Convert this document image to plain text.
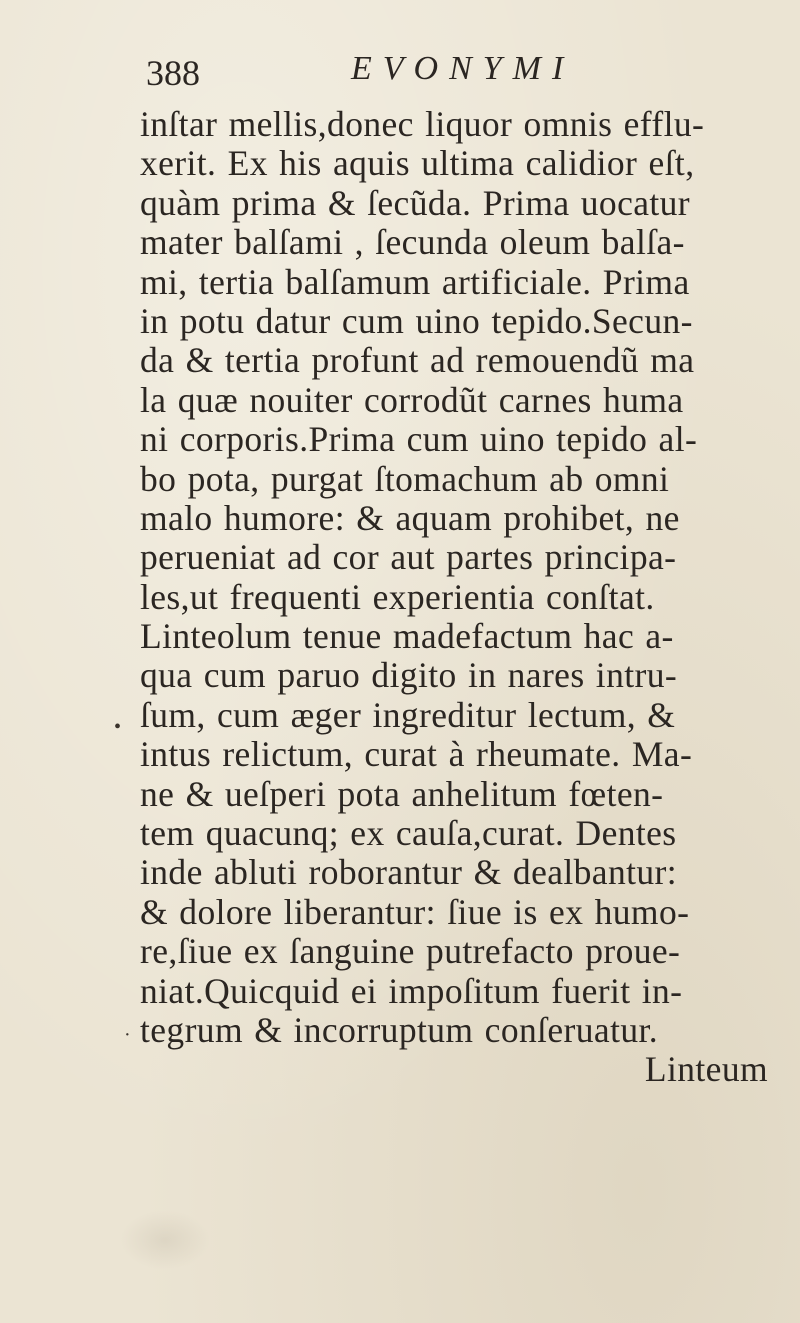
388	EVONYMI
•
·
inſtar mellis,donec liquor omnis efflu-
xerit. Ex his aquis ultima calidior eſt,
quàm prima & ſecũda. Prima uocatur
mater balſami , ſecunda oleum balſa-
mi, tertia balſamum artificiale. Prima
in potu datur cum uino tepido.Secun-
da & tertia profunt ad remouendũ ma
la quæ nouiter corrodũt carnes huma
ni corporis.Prima cum uino tepido al-
bo pota, purgat ſtomachum ab omni
malo humore: & aquam prohibet, ne
perueniat ad cor aut partes principa-
les,ut frequenti experientia conſtat.
Linteolum tenue madefactum hac a-
qua cum paruo digito in nares intru-
ſum, cum æger ingreditur lectum, &
intus relictum, curat à rheumate. Ma-
ne & ueſperi pota anhelitum fœten-
tem quacunq; ex cauſa,curat. Dentes
inde abluti roborantur & dealbantur:
& dolore liberantur: ſiue is ex humo-
re,ſiue ex ſanguine putrefacto proue-
niat.Quicquid ei impoſitum fuerit in-
tegrum & incorruptum conſeruatur.
Linteum
